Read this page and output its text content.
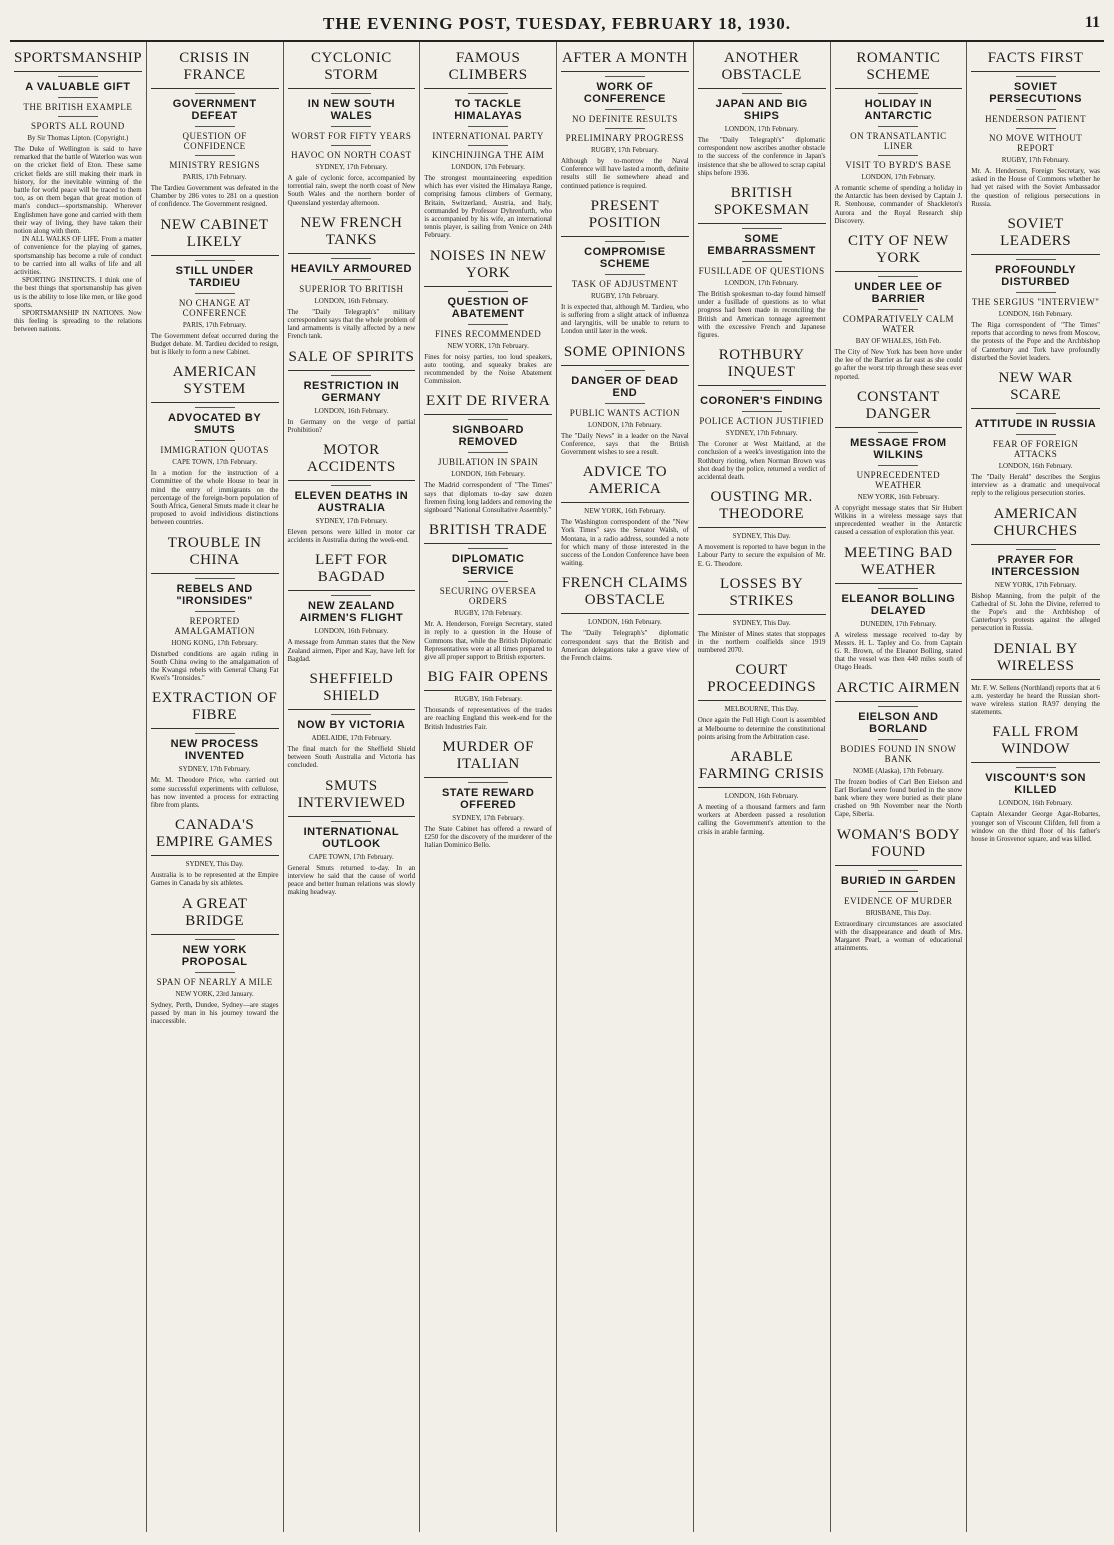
THE EVENING POST, TUESDAY, FEBRUARY 18, 1930.	11
SPORTSMANSHIP
A VALUABLE GIFT
THE BRITISH EXAMPLE
SPORTS ALL ROUND
By Sir Thomas Lipton. (Copyright.)

The Duke of Wellington is said to have remarked that the battle of Waterloo was won on the cricket field of Eton. These same cricket fields are still making their mark in history, for the inevitable winning of the battle for world peace will be traced to them too, as on them began that great motion of man's conduct—sportsmanship. Wherever Englishmen have gone and carried with them their way of living, they have taken their notion along with them.

IN ALL WALKS OF LIFE. From a matter of convenience for the playing of games, sportsmanship has become a rule of conduct to be carried into all walks of life and all activities.

SPORTING INSTINCTS. I think one of the best things that sportsmanship has given us is the ability to lose like men, or like good sports.

SPORTSMANSHIP IN NATIONS. Now this feeling is spreading to the relations between nations.

CRISIS IN FRANCE
GOVERNMENT DEFEAT
QUESTION OF CONFIDENCE
MINISTRY RESIGNS
PARIS, 17th February.

The Tardieu Government was defeated in the Chamber by 286 votes to 281 on a question of confidence. The Government resigned.

NEW CABINET LIKELY
STILL UNDER TARDIEU
NO CHANGE AT CONFERENCE
PARIS, 17th February.

The Government defeat occurred during the Budget debate. M. Tardieu decided to resign, but is likely to form a new Cabinet.

AMERICAN SYSTEM
ADVOCATED BY SMUTS
IMMIGRATION QUOTAS
CAPE TOWN, 17th February.

In a motion for the instruction of a Committee of the whole House to bear in mind the entry of immigrants on the percentage of the foreign-born population of South Africa, General Smuts made it clear he proposed to avoid individious distinctions between countries.

TROUBLE IN CHINA
REBELS AND "IRONSIDES"
REPORTED AMALGAMATION
HONG KONG, 17th February.

Disturbed conditions are again ruling in South China owing to the amalgamation of the Kwangsi rebels with General Chang Fat Kwei's "Ironsides."

EXTRACTION OF FIBRE
NEW PROCESS INVENTED
SYDNEY, 17th February.

Mr. M. Theodore Price, who carried out some successful experiments with cellulose, has now invented a process for extracting fibre from plants.

CANADA'S EMPIRE GAMES
SYDNEY, This Day.

Australia is to be represented at the Empire Games in Canada by six athletes.

A GREAT BRIDGE
NEW YORK PROPOSAL
SPAN OF NEARLY A MILE
NEW YORK, 23rd January.

Sydney, Perth, Dundee, Sydney—are stages passed by man in his journey toward the inaccessible.

CYCLONIC STORM
IN NEW SOUTH WALES
WORST FOR FIFTY YEARS
HAVOC ON NORTH COAST
SYDNEY, 17th February.

A gale of cyclonic force, accompanied by torrential rain, swept the north coast of New South Wales and the northern border of Queensland yesterday afternoon.

NEW FRENCH TANKS
HEAVILY ARMOURED
SUPERIOR TO BRITISH
LONDON, 16th February.

The "Daily Telegraph's" military correspondent says that the whole problem of land armaments is vitally affected by a new French tank.

SALE OF SPIRITS
RESTRICTION IN GERMANY
LONDON, 16th February.

In Germany on the verge of partial Prohibition?

MOTOR ACCIDENTS
ELEVEN DEATHS IN AUSTRALIA
SYDNEY, 17th February.

Eleven persons were killed in motor car accidents in Australia during the week-end.

LEFT FOR BAGDAD
NEW ZEALAND AIRMEN'S FLIGHT
LONDON, 16th February.

A message from Amman states that the New Zealand airmen, Piper and Kay, have left for Bagdad.

SHEFFIELD SHIELD
NOW BY VICTORIA
ADELAIDE, 17th February.

The final match for the Sheffield Shield between South Australia and Victoria has concluded.

SMUTS INTERVIEWED
INTERNATIONAL OUTLOOK
CAPE TOWN, 17th February.

General Smuts returned to-day. In an interview he said that the cause of world peace and better human relations was slowly making headway.

FAMOUS CLIMBERS
TO TACKLE HIMALAYAS
INTERNATIONAL PARTY
KINCHINJINGA THE AIM
LONDON, 17th February.

The strongest mountaineering expedition which has ever visited the Himalaya Range, comprising famous climbers of Germany, Britain, Switzerland, Austria, and Italy, commanded by Professor Dyhrenfurth, who is accompanied by his wife, an international tennis player, is sailing from Venice on 24th February.

NOISES IN NEW YORK
QUESTION OF ABATEMENT
FINES RECOMMENDED
NEW YORK, 17th February.

Fines for noisy parties, too loud speakers, auto tooting, and squeaky brakes are recommended by the Noise Abatement Commission.

EXIT DE RIVERA
SIGNBOARD REMOVED
JUBILATION IN SPAIN
LONDON, 16th February.

The Madrid correspondent of "The Times" says that diplomats to-day saw dozen firemen fixing long ladders and removing the signboard "National Consultative Assembly."

BRITISH TRADE
DIPLOMATIC SERVICE
SECURING OVERSEA ORDERS
RUGBY, 17th February.

Mr. A. Henderson, Foreign Secretary, stated in reply to a question in the House of Commons that, while the British Diplomatic Representatives were at all times prepared to give all proper support to British exporters.

BIG FAIR OPENS
RUGBY, 16th February.

Thousands of representatives of the trades are reaching England this week-end for the British Industries Fair.

MURDER OF ITALIAN
STATE REWARD OFFERED
SYDNEY, 17th February.

The State Cabinet has offered a reward of £250 for the discovery of the murderer of the Italian Dominico Bello.

AFTER A MONTH
WORK OF CONFERENCE
NO DEFINITE RESULTS
PRELIMINARY PROGRESS
RUGBY, 17th February.

Although by to-morrow the Naval Conference will have lasted a month, definite results still lie somewhere ahead and continued patience is required.

PRESENT POSITION
COMPROMISE SCHEME
TASK OF ADJUSTMENT
RUGBY, 17th February.

It is expected that, although M. Tardieu, who is suffering from a slight attack of influenza and laryngitis, will be unable to return to London until later in the week.

SOME OPINIONS
DANGER OF DEAD END
PUBLIC WANTS ACTION
LONDON, 17th February.

The "Daily News" in a leader on the Naval Conference, says that the British Government wishes to see a result.

ADVICE TO AMERICA
NEW YORK, 16th February.

The Washington correspondent of the "New York Times" says the Senator Walsh, of Montana, in a radio address, sounded a note for which many of those interested in the success of the London Conference have been waiting.

FRENCH CLAIMS OBSTACLE
LONDON, 16th February.

The "Daily Telegraph's" diplomatic correspondent says that the British and American delegations take a grave view of the French claims.

ANOTHER OBSTACLE
JAPAN AND BIG SHIPS
LONDON, 17th February.

The "Daily Telegraph's" diplomatic correspondent now ascribes another obstacle to the success of the conference in Japan's insistence that she be allowed to scrap capital ships before 1936.

BRITISH SPOKESMAN
SOME EMBARRASSMENT
FUSILLADE OF QUESTIONS
LONDON, 17th February.

The British spokesman to-day found himself under a fusillade of questions as to what progress had been made in reconciling the British and American tonnage agreement with the excessive French and Japanese figures.

ROTHBURY INQUEST
CORONER'S FINDING
POLICE ACTION JUSTIFIED
SYDNEY, 17th February.

The Coroner at West Maitland, at the conclusion of a week's investigation into the Rothbury rioting, when Norman Brown was shot dead by the police, returned a verdict of accidental death.

OUSTING MR. THEODORE
SYDNEY, This Day.

A movement is reported to have begun in the Labour Party to secure the expulsion of Mr. E. G. Theodore.

LOSSES BY STRIKES
SYDNEY, This Day.

The Minister of Mines states that stoppages in the northern coalfields since 1919 numbered 2070.

COURT PROCEEDINGS
MELBOURNE, This Day.

Once again the Full High Court is assembled at Melbourne to determine the constitutional points arising from the Arbitration case.

ARABLE FARMING CRISIS
LONDON, 16th February.

A meeting of a thousand farmers and farm workers at Aberdeen passed a resolution calling the Government's attention to the crisis in arable farming.

ROMANTIC SCHEME
HOLIDAY IN ANTARCTIC
ON TRANSATLANTIC LINER
VISIT TO BYRD'S BASE
LONDON, 17th February.

A romantic scheme of spending a holiday in the Antarctic has been devised by Captain J. R. Stenhouse, commander of Shackleton's Aurora and the Royal Research ship Discovery.

CITY OF NEW YORK
UNDER LEE OF BARRIER
COMPARATIVELY CALM WATER
BAY OF WHALES, 16th Feb.

The City of New York has been hove under the lee of the Barrier as far east as she could go after the worst trip through these seas ever reported.

CONSTANT DANGER
MESSAGE FROM WILKINS
UNPRECEDENTED WEATHER
NEW YORK, 16th February.

A copyright message states that Sir Hubert Wilkins in a wireless message says that unprecedented weather in the Antarctic caused a cessation of exploration this year.

MEETING BAD WEATHER
ELEANOR BOLLING DELAYED
DUNEDIN, 17th February.

A wireless message received to-day by Messrs. H. L. Tapley and Co. from Captain G. R. Brown, of the Eleanor Bolling, stated that the vessel was then 440 miles south of Otago Heads.

ARCTIC AIRMEN
EIELSON AND BORLAND
BODIES FOUND IN SNOW BANK
NOME (Alaska), 17th February.

The frozen bodies of Carl Ben Eielson and Earl Borland were found buried in the snow bank where they were buried as their plane crashed on 9th November near the North Cape, Siberia.

WOMAN'S BODY FOUND
BURIED IN GARDEN
EVIDENCE OF MURDER
BRISBANE, This Day.

Extraordinary circumstances are associated with the disappearance and death of Mrs. Margaret Pearl, a woman of educational attainments.

FACTS FIRST
SOVIET PERSECUTIONS
HENDERSON PATIENT
NO MOVE WITHOUT REPORT
RUGBY, 17th February.

Mr. A. Henderson, Foreign Secretary, was asked in the House of Commons whether he had yet raised with the Soviet Ambassador the question of religious persecutions in Russia.

SOVIET LEADERS
PROFOUNDLY DISTURBED
THE SERGIUS "INTERVIEW"
LONDON, 16th February.

The Riga correspondent of "The Times" reports that according to news from Moscow, the protests of the Pope and the Archbishop of Canterbury and Tork have profoundly disturbed the Soviet leaders.

NEW WAR SCARE
ATTITUDE IN RUSSIA
FEAR OF FOREIGN ATTACKS
LONDON, 16th February.

The "Daily Herald" describes the Sergius interview as a dramatic and unequivocal reply to the religious persecution stories.

AMERICAN CHURCHES
PRAYER FOR INTERCESSION
NEW YORK, 17th February.

Bishop Manning, from the pulpit of the Cathedral of St. John the Divine, referred to the Pope's and the Archbishop of Canterbury's protests against the alleged persecution in Russia.

DENIAL BY WIRELESS

Mr. F. W. Sellens (Northland) reports that at 6 a.m. yesterday he heard the Russian short-wave wireless station RA97 denying the statements.

FALL FROM WINDOW
VISCOUNT'S SON KILLED
LONDON, 16th February.

Captain Alexander George Agar-Robartes, younger son of Viscount Clifden, fell from a window on the third floor of his father's house in Grosvenor square, and was killed.
